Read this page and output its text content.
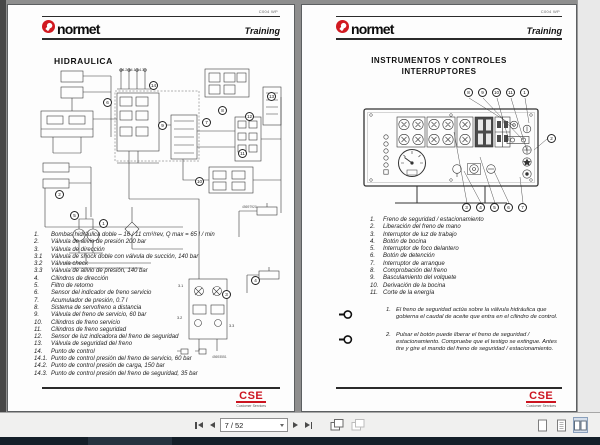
C004 WP
normet	Training
HIDRAULICA
14
6
8
7
9
13
12
11
10
5
1
2
3
4
14.2 14.1 14.3
3.1
3.2
3.3
45697920
45693551
1.	Bombas hidráulica doble – 16 / 11 cm³/rev, Q max = 65 l / min
2.	Válvula de alivio de presión 200 bar
3.	Válvula de dirección
3.1	Válvula de shock doble con válvula de succión, 140 bar
3.2	Válvula check
3.3	Válvula de alivio de presión, 140 bar
4.	Cilindros de dirección
5.	Filtro de retorno
6.	Sensor del indicador de freno servicio
7.	Acumulador de presión, 0.7 l
8.	Sistema de servofreno a distancia
9.	Válvula del freno de servicio, 60 bar
10.	Cilindros de freno servicio
11.	Cilindros de freno seguridad
12.	Sensor de luz indicadora del freno de seguridad
13.	Válvula de seguridad del freno
14.	Punto de control
14.1. Punto de control presión del freno de servicio, 60 bar
14.2. Punto de control presión de carga, 150 bar
14.3. Punto de control presión del freno de seguridad, 35 bar
CSE
Customer Services
C004 WP
normet	Training
INSTRUMENTOS Y CONTROLES
INTERRUPTORES
8	9	10	11	1
2
3	4	5	6	7
1.	Freno de seguridad / estacionamiento
2.	Liberación del freno de mano
3.	Interruptor de luz de trabajo
4.	Botón de bocina
5.	Interruptor de foco delantero
6.	Botón de detención
7.	Interruptor de arranque
8.	Comprobación del freno
9.	Basculamiento del volquete
10. Derivación de la bocina
11. Corte de la energía
1. El freno de seguridad actúa sobre la válvula hidráulica que gobierna el caudal de aceite que entra en el cilindro de control.
2. Pulsar el botón puede liberar el freno de seguridad / estacionamiento. Compruebe que el testigo se extingue. Antes tire y gire el mando del freno de seguridad / estacionamiento.
CSE
Customer Services
7 / 52
